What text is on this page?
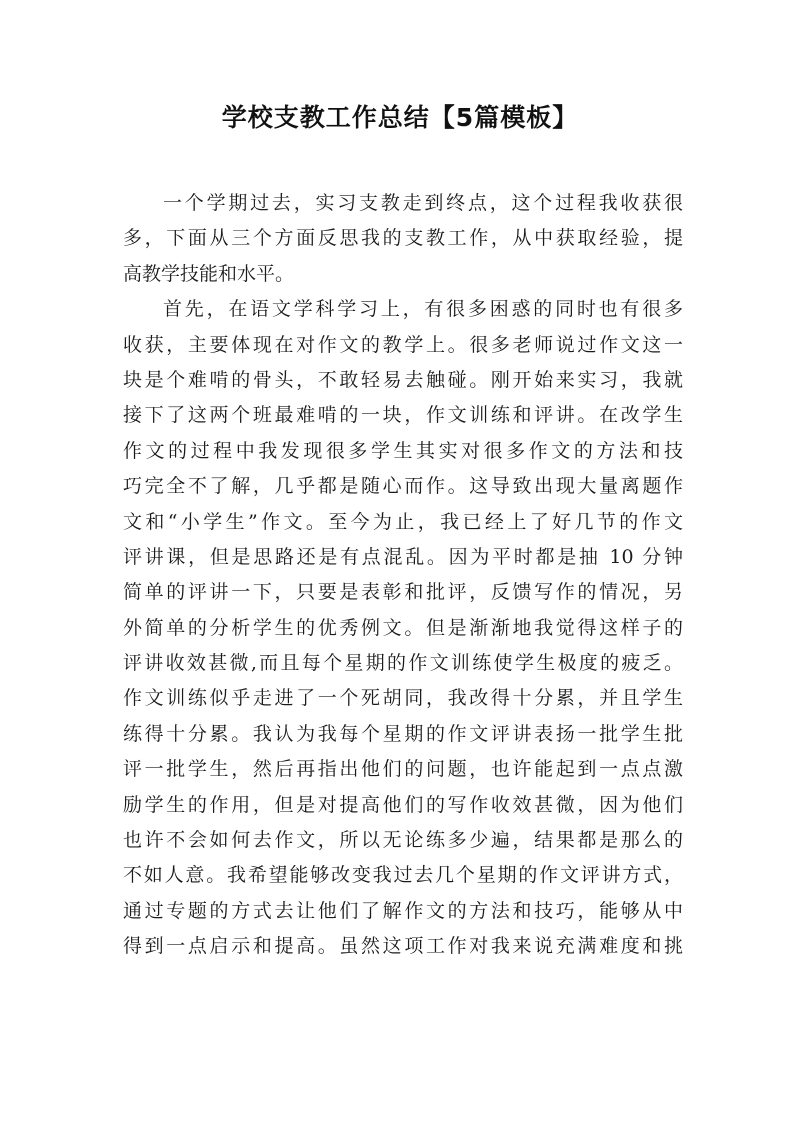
学校支教工作总结【5篇模板】
一个学期过去，实习支教走到终点，这个过程我收获很
多，下面从三个方面反思我的支教工作，从中获取经验，提
高教学技能和水平。
首先，在语文学科学习上，有很多困惑的同时也有很多
收获，主要体现在对作文的教学上。很多老师说过作文这一
块是个难啃的骨头，不敢轻易去触碰。刚开始来实习，我就
接下了这两个班最难啃的一块，作文训练和评讲。在改学生
作文的过程中我发现很多学生其实对很多作文的方法和技
巧完全不了解，几乎都是随心而作。这导致出现大量离题作
文和“小学生”作文。至今为止，我已经上了好几节的作文
评讲课，但是思路还是有点混乱。因为平时都是抽 10 分钟
简单的评讲一下，只要是表彰和批评，反馈写作的情况，另
外简单的分析学生的优秀例文。但是渐渐地我觉得这样子的
评讲收效甚微,而且每个星期的作文训练使学生极度的疲乏。
作文训练似乎走进了一个死胡同，我改得十分累，并且学生
练得十分累。我认为我每个星期的作文评讲表扬一批学生批
评一批学生，然后再指出他们的问题，也许能起到一点点激
励学生的作用，但是对提高他们的写作收效甚微，因为他们
也许不会如何去作文，所以无论练多少遍，结果都是那么的
不如人意。我希望能够改变我过去几个星期的作文评讲方式，
通过专题的方式去让他们了解作文的方法和技巧，能够从中
得到一点启示和提高。虽然这项工作对我来说充满难度和挑
